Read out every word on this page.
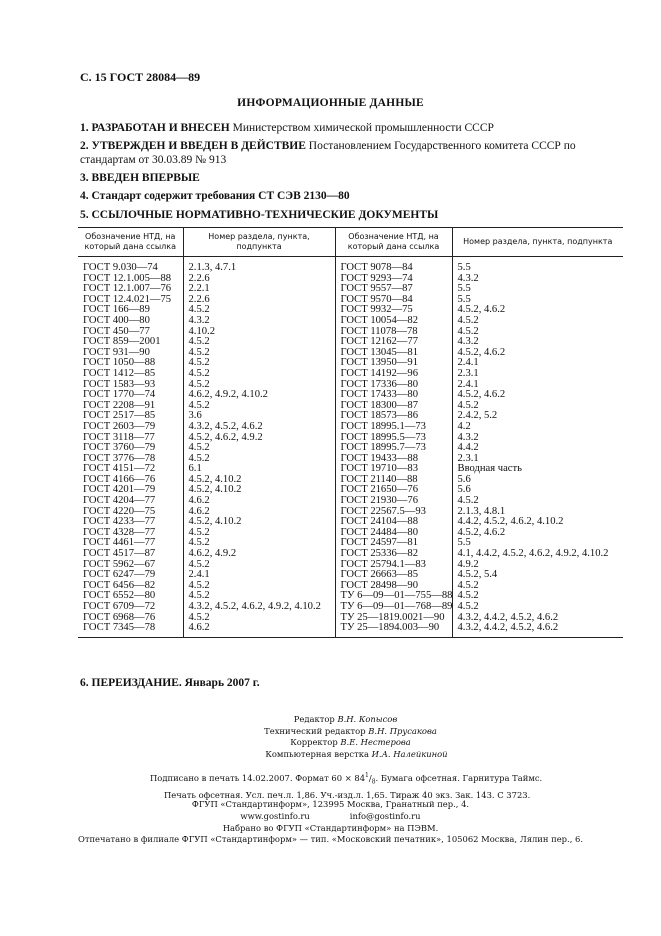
С. 15 ГОСТ 28084—89
ИНФОРМАЦИОННЫЕ ДАННЫЕ
1. РАЗРАБОТАН И ВНЕСЕН Министерством химической промышленности СССР
2. УТВЕРЖДЕН И ВВЕДЕН В ДЕЙСТВИЕ Постановлением Государственного комитета СССР по стандартам от 30.03.89 № 913
3. ВВЕДЕН ВПЕРВЫЕ
4. Стандарт содержит требования СТ СЭВ 2130—80
5. ССЫЛОЧНЫЕ НОРМАТИВНО-ТЕХНИЧЕСКИЕ ДОКУМЕНТЫ
Обозначение НТД, на который дана ссылка	Номер раздела, пункта, подпункта	Обозначение НТД, на который дана ссылка	Номер раздела, пункта, подпункта
ГОСТ 9.030—74	2.1.3, 4.7.1	ГОСТ 9078—84	5.5
ГОСТ 12.1.005—88	2.2.6	ГОСТ 9293—74	4.3.2
ГОСТ 12.1.007—76	2.2.1	ГОСТ 9557—87	5.5
ГОСТ 12.4.021—75	2.2.6	ГОСТ 9570—84	5.5
ГОСТ 166—89	4.5.2	ГОСТ 9932—75	4.5.2, 4.6.2
ГОСТ 400—80	4.3.2	ГОСТ 10054—82	4.5.2
ГОСТ 450—77	4.10.2	ГОСТ 11078—78	4.5.2
ГОСТ 859—2001	4.5.2	ГОСТ 12162—77	4.3.2
ГОСТ 931—90	4.5.2	ГОСТ 13045—81	4.5.2, 4.6.2
ГОСТ 1050—88	4.5.2	ГОСТ 13950—91	2.4.1
ГОСТ 1412—85	4.5.2	ГОСТ 14192—96	2.3.1
ГОСТ 1583—93	4.5.2	ГОСТ 17336—80	2.4.1
ГОСТ 1770—74	4.6.2, 4.9.2, 4.10.2	ГОСТ 17433—80	4.5.2, 4.6.2
ГОСТ 2208—91	4.5.2	ГОСТ 18300—87	4.5.2
ГОСТ 2517—85	3.6	ГОСТ 18573—86	2.4.2, 5.2
ГОСТ 2603—79	4.3.2, 4.5.2, 4.6.2	ГОСТ 18995.1—73	4.2
ГОСТ 3118—77	4.5.2, 4.6.2, 4.9.2	ГОСТ 18995.5—73	4.3.2
ГОСТ 3760—79	4.5.2	ГОСТ 18995.7—73	4.4.2
ГОСТ 3776—78	4.5.2	ГОСТ 19433—88	2.3.1
ГОСТ 4151—72	6.1	ГОСТ 19710—83	Вводная часть
ГОСТ 4166—76	4.5.2, 4.10.2	ГОСТ 21140—88	5.6
ГОСТ 4201—79	4.5.2, 4.10.2	ГОСТ 21650—76	5.6
ГОСТ 4204—77	4.6.2	ГОСТ 21930—76	4.5.2
ГОСТ 4220—75	4.6.2	ГОСТ 22567.5—93	2.1.3, 4.8.1
ГОСТ 4233—77	4.5.2, 4.10.2	ГОСТ 24104—88	4.4.2, 4.5.2, 4.6.2, 4.10.2
ГОСТ 4328—77	4.5.2	ГОСТ 24484—80	4.5.2, 4.6.2
ГОСТ 4461—77	4.5.2	ГОСТ 24597—81	5.5
ГОСТ 4517—87	4.6.2, 4.9.2	ГОСТ 25336—82	4.1, 4.4.2, 4.5.2, 4.6.2, 4.9.2, 4.10.2
ГОСТ 5962—67	4.5.2	ГОСТ 25794.1—83	4.9.2
ГОСТ 6247—79	2.4.1	ГОСТ 26663—85	4.5.2, 5.4
ГОСТ 6456—82	4.5.2	ГОСТ 28498—90	4.5.2
ГОСТ 6552—80	4.5.2	ТУ 6—09—01—755—88	4.5.2
ГОСТ 6709—72	4.3.2, 4.5.2, 4.6.2, 4.9.2, 4.10.2	ТУ 6—09—01—768—89	4.5.2
ГОСТ 6968—76	4.5.2	ТУ 25—1819.0021—90	4.3.2, 4.4.2, 4.5.2, 4.6.2
ГОСТ 7345—78	4.6.2	ТУ 25—1894.003—90	4.3.2, 4.4.2, 4.5.2, 4.6.2
6. ПЕРЕИЗДАНИЕ. Январь 2007 г.
Редактор В.Н. Копысов
Технический редактор В.Н. Прусакова
Корректор В.Е. Нестерова
Компьютерная верстка И.А. Налейкиной
Подписано в печать 14.02.2007. Формат $60 \times 84^1/_8$. Бумага офсетная. Гарнитура Таймс.
Печать офсетная. Усл. печ.л. 1,86. Уч.-изд.л. 1,65. Тираж 40 экз. Зак. 143. С 3723.
ФГУП «Стандартинформ», 123995 Москва, Гранатный пер., 4.
www.gostinfo.ru	info@gostinfo.ru
Набрано во ФГУП «Стандартинформ» на ПЭВМ.
Отпечатано в филиале ФГУП «Стандартинформ» — тип. «Московский печатник», 105062 Москва, Лялин пер., 6.
